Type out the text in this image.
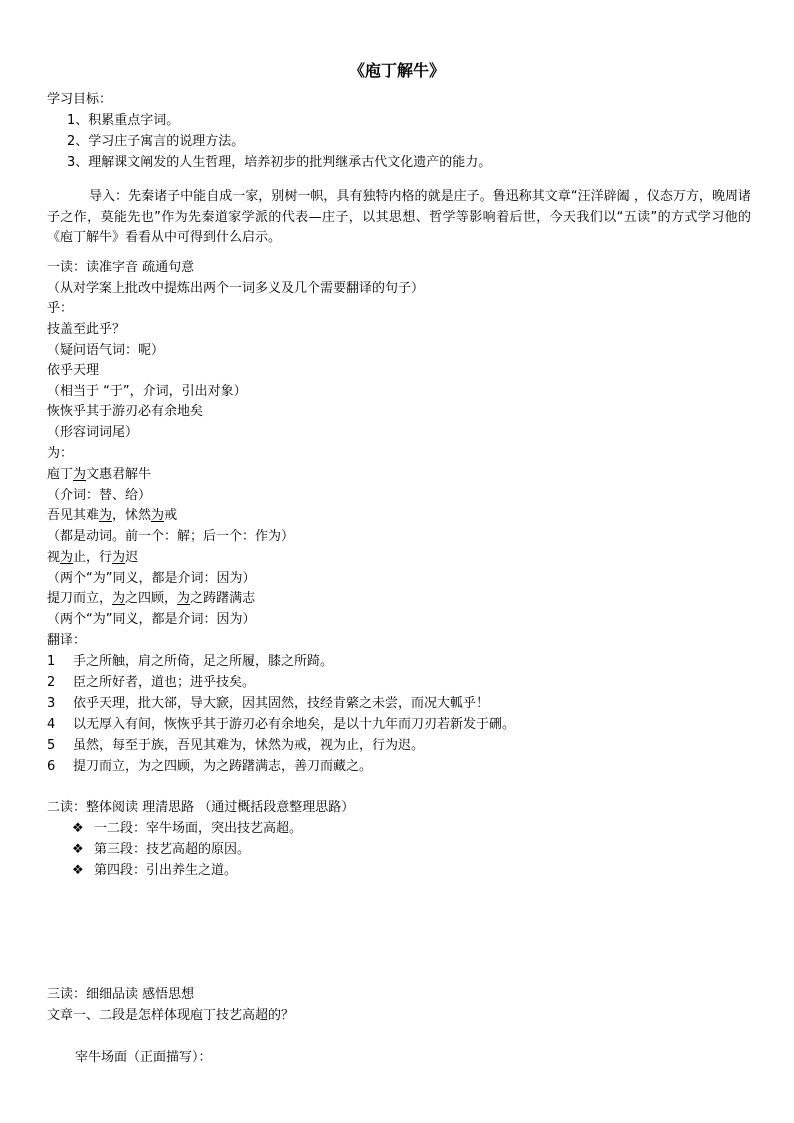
《庖丁解牛》
学习目标：
1、积累重点字词。
2、学习庄子寓言的说理方法。
3、理解课文阐发的人生哲理，培养初步的批判继承古代文化遗产的能力。
导入：先秦诸子中能自成一家，别树一帜，具有独特内格的就是庄子。鲁迅称其文章“汪洋辟阖 ，仪态万方，晚周诸子之作，莫能先也”作为先秦道家学派的代表—庄子，以其思想、哲学等影响着后世，今天我们以“五读”的方式学习他的《庖丁解牛》看看从中可得到什么启示。
一读：读准字音 疏通句意
（从对学案上批改中提炼出两个一词多义及几个需要翻译的句子）
乎：
技盖至此乎？
（疑问语气词：呢）
依乎天理
（相当于 “于”，介词，引出对象）
恢恢乎其于游刃必有余地矣
（形容词词尾）
为：
庖丁为文惠君解牛
（介词：替、给）
吾见其难为，怵然为戒
（都是动词。前一个：解；后一个：作为）
视为止，行为迟
（两个“为”同义，都是介词：因为）
提刀而立，为之四顾，为之踌躇满志
（两个“为”同义，都是介词：因为）
翻译：
1 手之所触，肩之所倚，足之所履，膝之所踦。
2 臣之所好者，道也；进乎技矣。
3 依乎天理，批大郤，导大窾，因其固然，技经肯綮之未尝，而况大軱乎！
4 以无厚入有间，恢恢乎其于游刃必有余地矣，是以十九年而刀刃若新发于硎。
5 虽然，每至于族，吾见其难为，怵然为戒，视为止，行为迟。
6 提刀而立，为之四顾，为之踌躇满志，善刀而藏之。
二读：整体阅读 理清思路 （通过概括段意整理思路）
❖ 一二段：宰牛场面，突出技艺高超。
❖ 第三段：技艺高超的原因。
❖ 第四段：引出养生之道。
三读：细细品读 感悟思想
文章一、二段是怎样体现庖丁技艺高超的？
宰牛场面（正面描写）：
